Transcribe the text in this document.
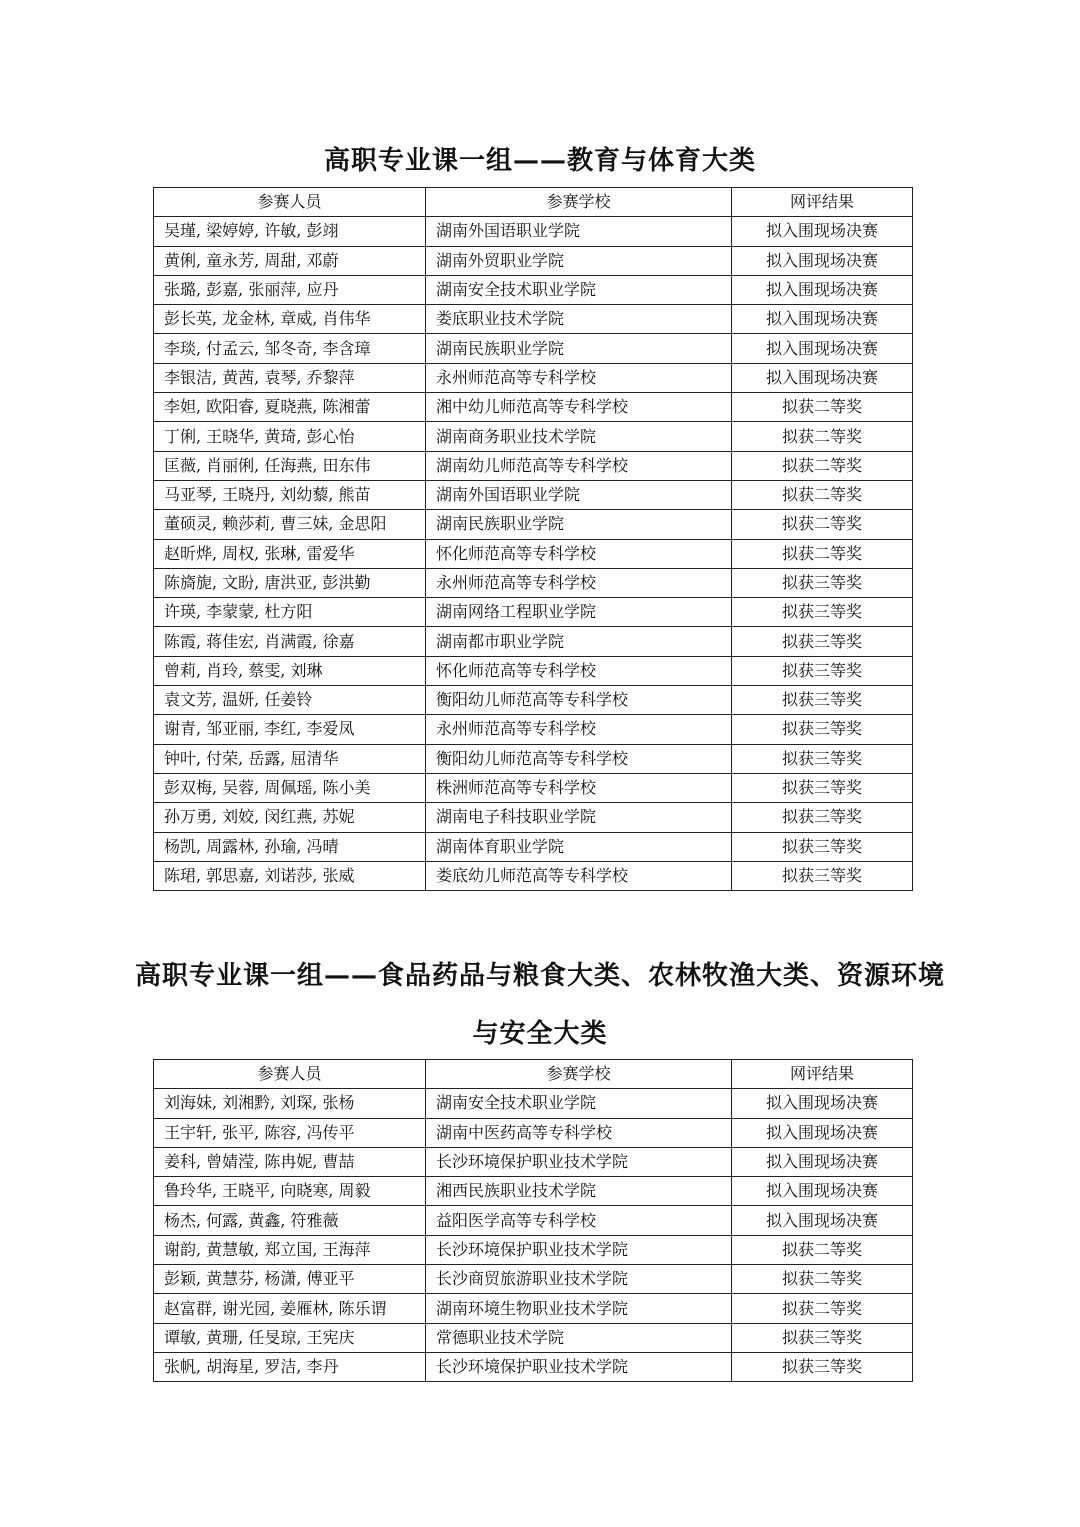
高职专业课一组——教育与体育大类
参赛人员	参赛学校	网评结果
吴瑾, 梁婷婷, 许敏, 彭翊	湖南外国语职业学院	拟入围现场决赛
黄俐, 童永芳, 周甜, 邓蔚	湖南外贸职业学院	拟入围现场决赛
张璐, 彭嘉, 张丽萍, 应丹	湖南安全技术职业学院	拟入围现场决赛
彭长英, 龙金林, 章威, 肖伟华	娄底职业技术学院	拟入围现场决赛
李琰, 付孟云, 邹冬奇, 李含璋	湖南民族职业学院	拟入围现场决赛
李银洁, 黄茜, 袁琴, 乔黎萍	永州师范高等专科学校	拟入围现场决赛
李妲, 欧阳睿, 夏晓燕, 陈湘蕾	湘中幼儿师范高等专科学校	拟获二等奖
丁俐, 王晓华, 黄琦, 彭心怡	湖南商务职业技术学院	拟获二等奖
匡薇, 肖丽俐, 任海燕, 田东伟	湖南幼儿师范高等专科学校	拟获二等奖
马亚琴, 王晓丹, 刘幼藜, 熊苗	湖南外国语职业学院	拟获二等奖
董硕灵, 赖莎莉, 曹三妹, 金思阳	湖南民族职业学院	拟获二等奖
赵昕烨, 周权, 张琳, 雷爱华	怀化师范高等专科学校	拟获二等奖
陈旖旎, 文盼, 唐洪亚, 彭洪勤	永州师范高等专科学校	拟获三等奖
许瑛, 李蒙蒙, 杜方阳	湖南网络工程职业学院	拟获三等奖
陈霞, 蒋佳宏, 肖满霞, 徐嘉	湖南都市职业学院	拟获三等奖
曾莉, 肖玲, 蔡雯, 刘琳	怀化师范高等专科学校	拟获三等奖
袁文芳, 温妍, 任姜铃	衡阳幼儿师范高等专科学校	拟获三等奖
谢青, 邹亚丽, 李红, 李爱凤	永州师范高等专科学校	拟获三等奖
钟叶, 付荣, 岳露, 屈清华	衡阳幼儿师范高等专科学校	拟获三等奖
彭双梅, 吴蓉, 周佩瑶, 陈小美	株洲师范高等专科学校	拟获三等奖
孙万勇, 刘姣, 闵红燕, 苏妮	湖南电子科技职业学院	拟获三等奖
杨凯, 周露林, 孙瑜, 冯晴	湖南体育职业学院	拟获三等奖
陈珺, 郭思嘉, 刘诺莎, 张威	娄底幼儿师范高等专科学校	拟获三等奖
高职专业课一组——食品药品与粮食大类、农林牧渔大类、资源环境
与安全大类
参赛人员	参赛学校	网评结果
刘海妹, 刘湘黔, 刘琛, 张杨	湖南安全技术职业学院	拟入围现场决赛
王宇轩, 张平, 陈容, 冯传平	湖南中医药高等专科学校	拟入围现场决赛
姜科, 曾婧滢, 陈冉妮, 曹喆	长沙环境保护职业技术学院	拟入围现场决赛
鲁玲华, 王晓平, 向晓寒, 周毅	湘西民族职业技术学院	拟入围现场决赛
杨杰, 何露, 黄鑫, 符雅薇	益阳医学高等专科学校	拟入围现场决赛
谢韵, 黄慧敏, 郑立国, 王海萍	长沙环境保护职业技术学院	拟获二等奖
彭颖, 黄慧芬, 杨潇, 傅亚平	长沙商贸旅游职业技术学院	拟获二等奖
赵富群, 谢光园, 姜雁林, 陈乐谓	湖南环境生物职业技术学院	拟获二等奖
谭敏, 黄珊, 任旻琼, 王宪庆	常德职业技术学院	拟获三等奖
张帆, 胡海星, 罗洁, 李丹	长沙环境保护职业技术学院	拟获三等奖
